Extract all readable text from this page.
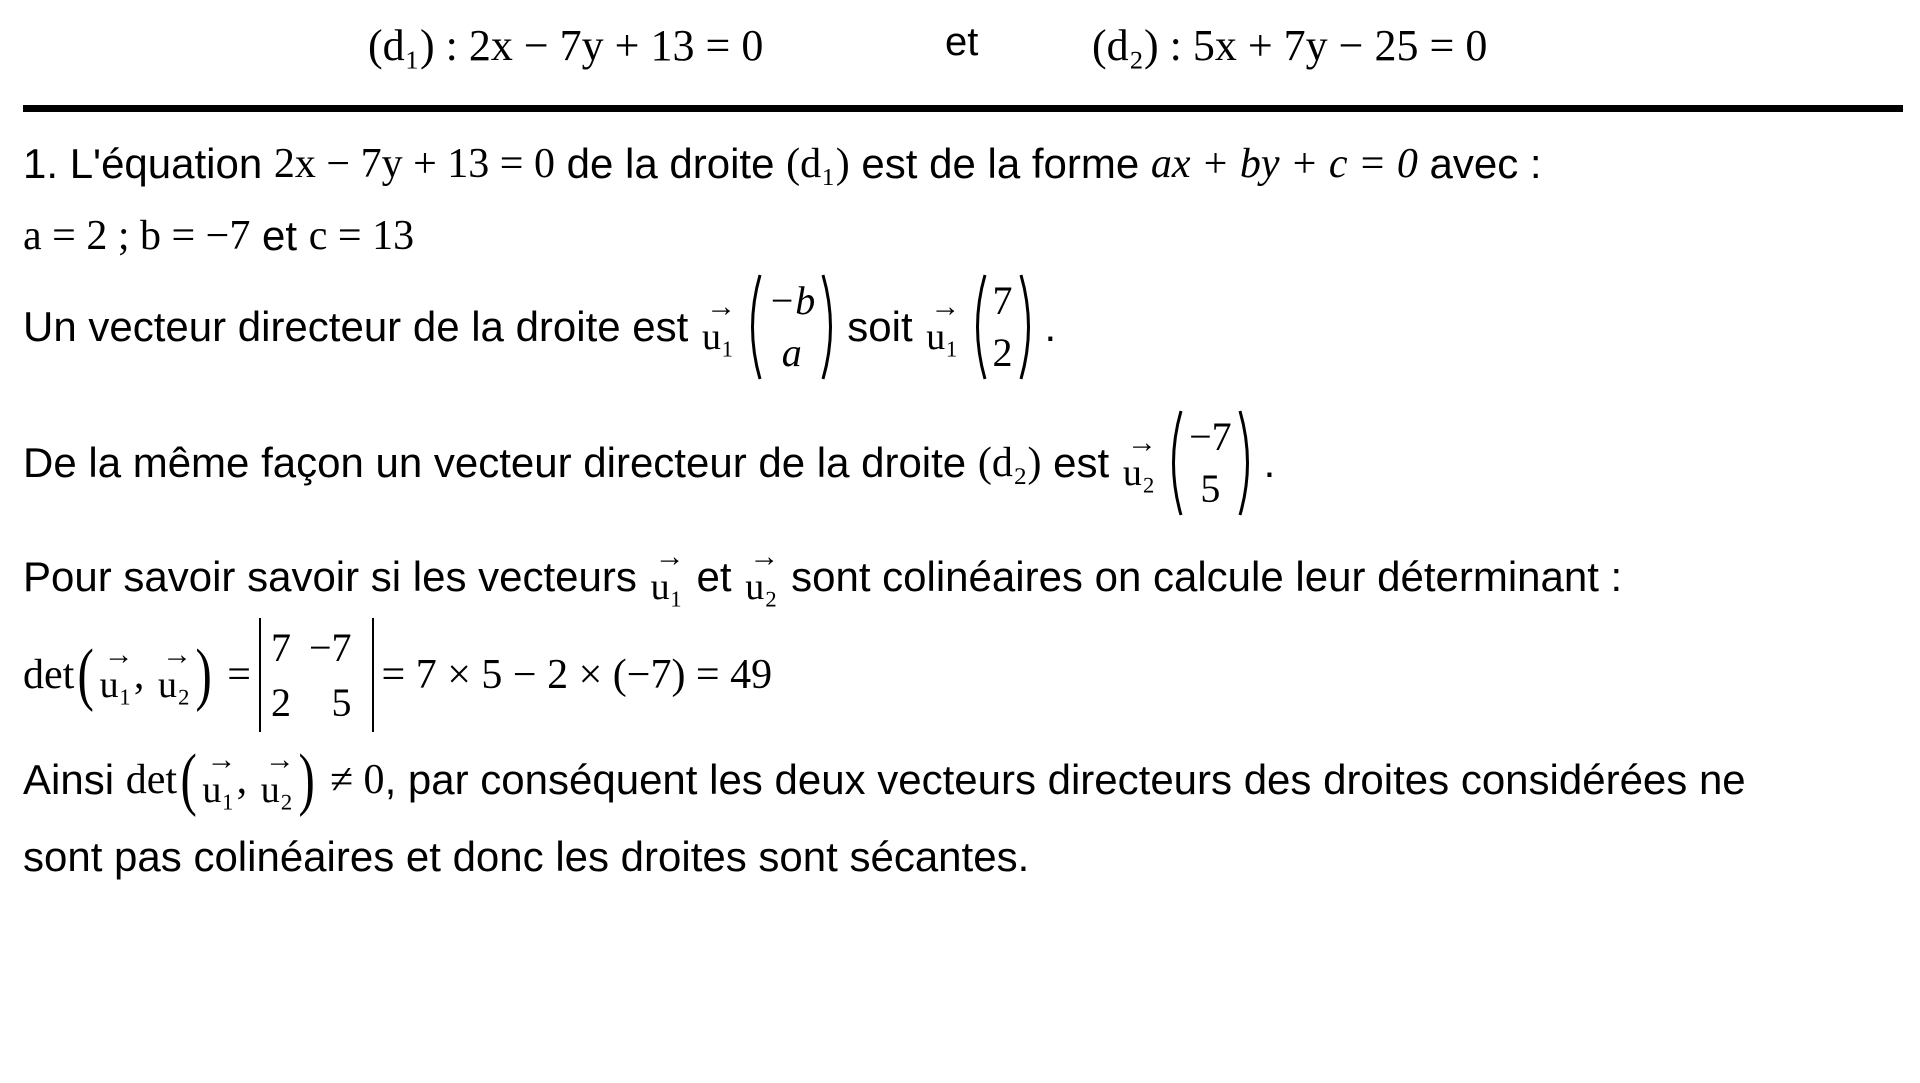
(d₁) : 2x − 7y + 13 = 0	et	(d₂) : 5x + 7y − 25 = 0
1. L'équation
2x − 7y + 13 = 0
de la droite
(d₁)
est de la forme
ax + by + c = 0
avec :
a = 2 ; b = −7
et
c = 13
Un vecteur directeur de la droite est
→
u₁
−b
a
soit
→
u₁
7
2
.
De la même façon un vecteur directeur de la droite
(d₂)
est
→
u₂
−7
5
.
Pour savoir savoir si les vecteurs
→
u₁
et
→
u₂
sont colinéaires on calcule leur déterminant :
det ( →
u₁ ,
→
u₂ )
=
7	−7
2	5
= 7 × 5 − 2 × (−7) = 49
Ainsi
det ( →
u₁ ,
→
u₂ )
≠ 0 , par conséquent les deux vecteurs directeurs des droites considérées ne
sont pas colinéaires et donc les droites sont sécantes.
